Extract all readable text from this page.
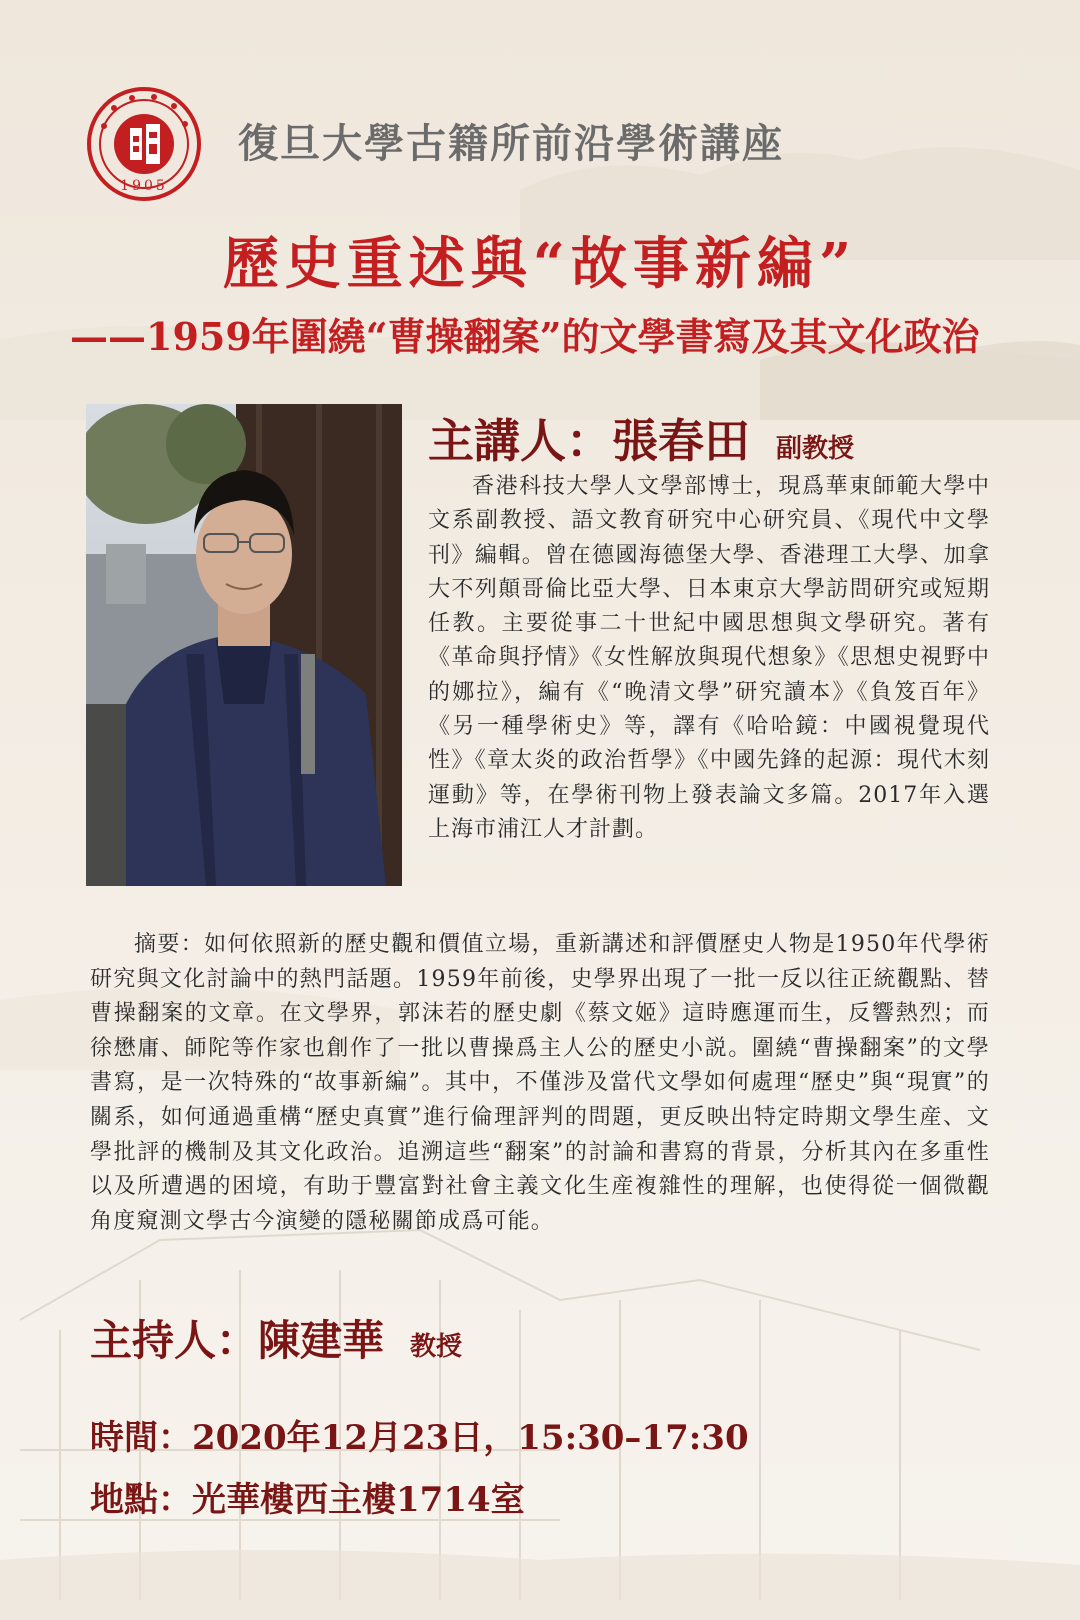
1905
復旦大學古籍所前沿學術講座
歷史重述與“故事新編”
——1959年圍繞“曹操翻案”的文學書寫及其文化政治
主講人：張春田 副教授
香港科技大學人文學部博士，現爲華東師範大學中文系副教授、語文教育研究中心研究員、《現代中文學刊》編輯。曾在德國海德堡大學、香港理工大學、加拿大不列顛哥倫比亞大學、日本東京大學訪問研究或短期任教。主要從事二十世紀中國思想與文學研究。著有《革命與抒情》《女性解放與現代想象》《思想史視野中的娜拉》，編有《“晚清文學”研究讀本》《負笈百年》《另一種學術史》等，譯有《哈哈鏡：中國視覺現代性》《章太炎的政治哲學》《中國先鋒的起源：現代木刻運動》等，在學術刊物上發表論文多篇。2017年入選上海市浦江人才計劃。
摘要：如何依照新的歷史觀和價值立場，重新講述和評價歷史人物是1950年代學術研究與文化討論中的熱門話題。1959年前後，史學界出現了一批一反以往正統觀點、替曹操翻案的文章。在文學界，郭沫若的歷史劇《蔡文姬》這時應運而生，反響熱烈；而徐懋庸、師陀等作家也創作了一批以曹操爲主人公的歷史小説。圍繞“曹操翻案”的文學書寫，是一次特殊的“故事新編”。其中，不僅涉及當代文學如何處理“歷史”與“現實”的關系，如何通過重構“歷史真實”進行倫理評判的問題，更反映出特定時期文學生産、文學批評的機制及其文化政治。追溯這些“翻案”的討論和書寫的背景，分析其內在多重性以及所遭遇的困境，有助于豐富對社會主義文化生産複雜性的理解，也使得從一個微觀角度窺測文學古今演變的隱秘關節成爲可能。
主持人：陳建華 教授
時間：2020年12月23日，15:30–17:30
地點：光華樓西主樓1714室
